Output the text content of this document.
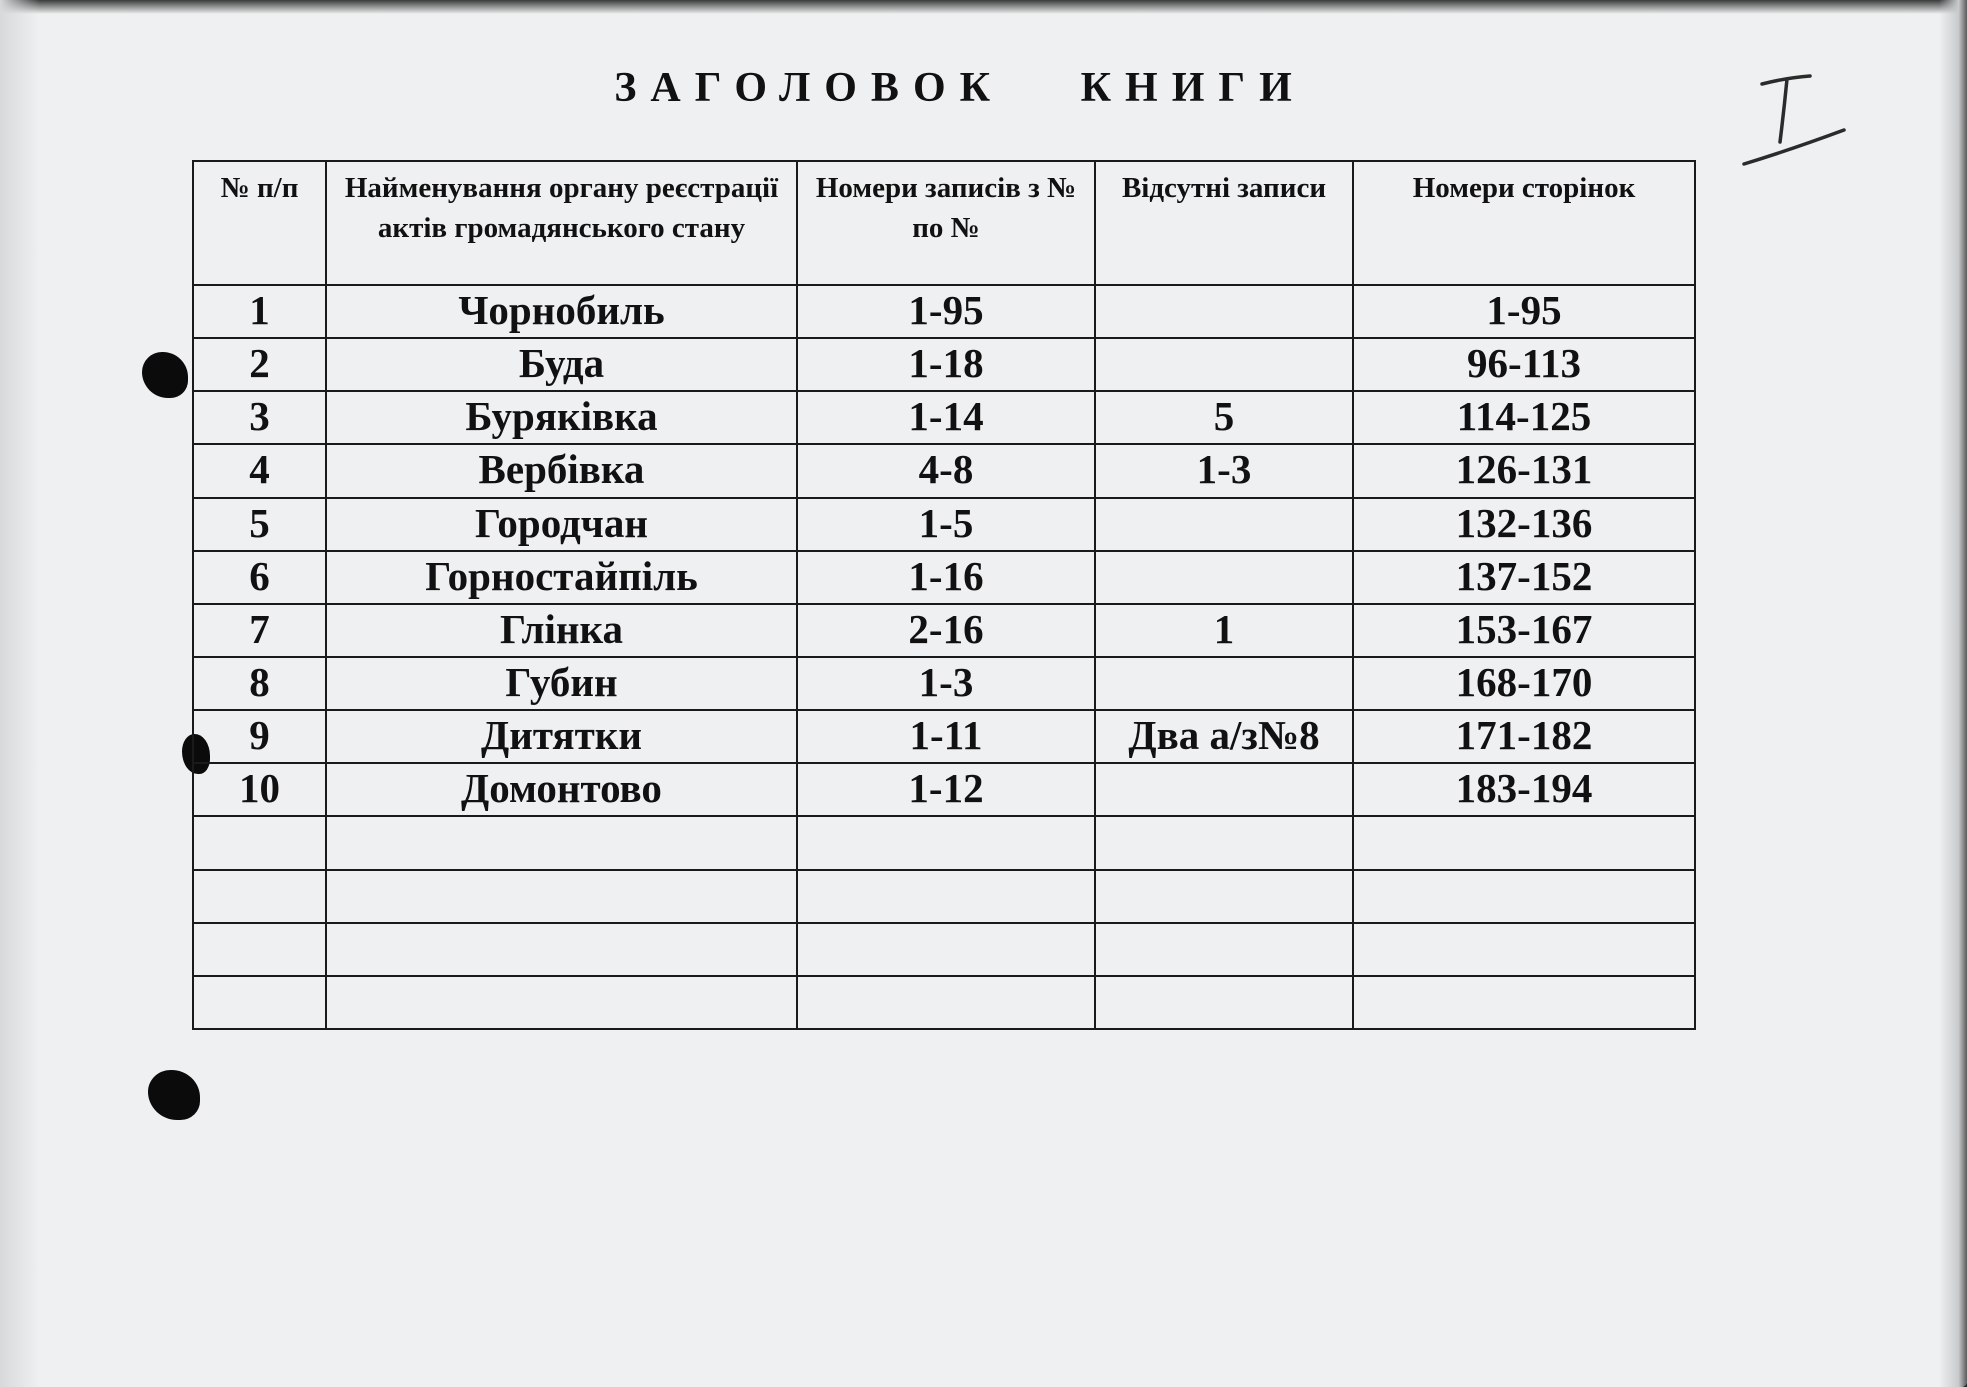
ЗАГОЛОВОК КНИГИ
I
№ п/п	Найменування органу реєстрації актів громадянського стану	Номери записів з № по №	Відсутні записи	Номери сторінок
1	Чорнобиль	1-95		1-95
2	Буда	1-18		96-113
3	Буряківка	1-14	5	114-125
4	Вербівка	4-8	1-3	126-131
5	Городчан	1-5		132-136
6	Горностайпіль	1-16		137-152
7	Глінка	2-16	1	153-167
8	Губин	1-3		168-170
9	Дитятки	1-11	Два а/з№8	171-182
10	Домонтово	1-12		183-194
